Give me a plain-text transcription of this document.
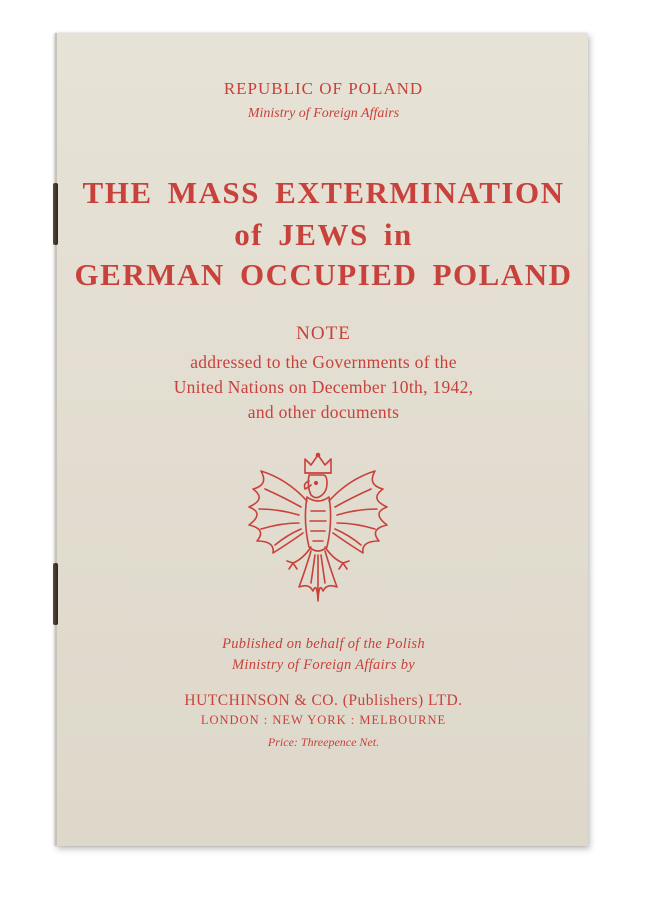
REPUBLIC OF POLAND
Ministry of Foreign Affairs
THE MASS EXTERMINATION
of JEWS in
GERMAN OCCUPIED POLAND
NOTE
addressed to the Governments of the
United Nations on December 10th, 1942,
and other documents
Published on behalf of the Polish
Ministry of Foreign Affairs by
HUTCHINSON & CO. (Publishers) LTD.
LONDON : NEW YORK : MELBOURNE
Price: Threepence Net.
